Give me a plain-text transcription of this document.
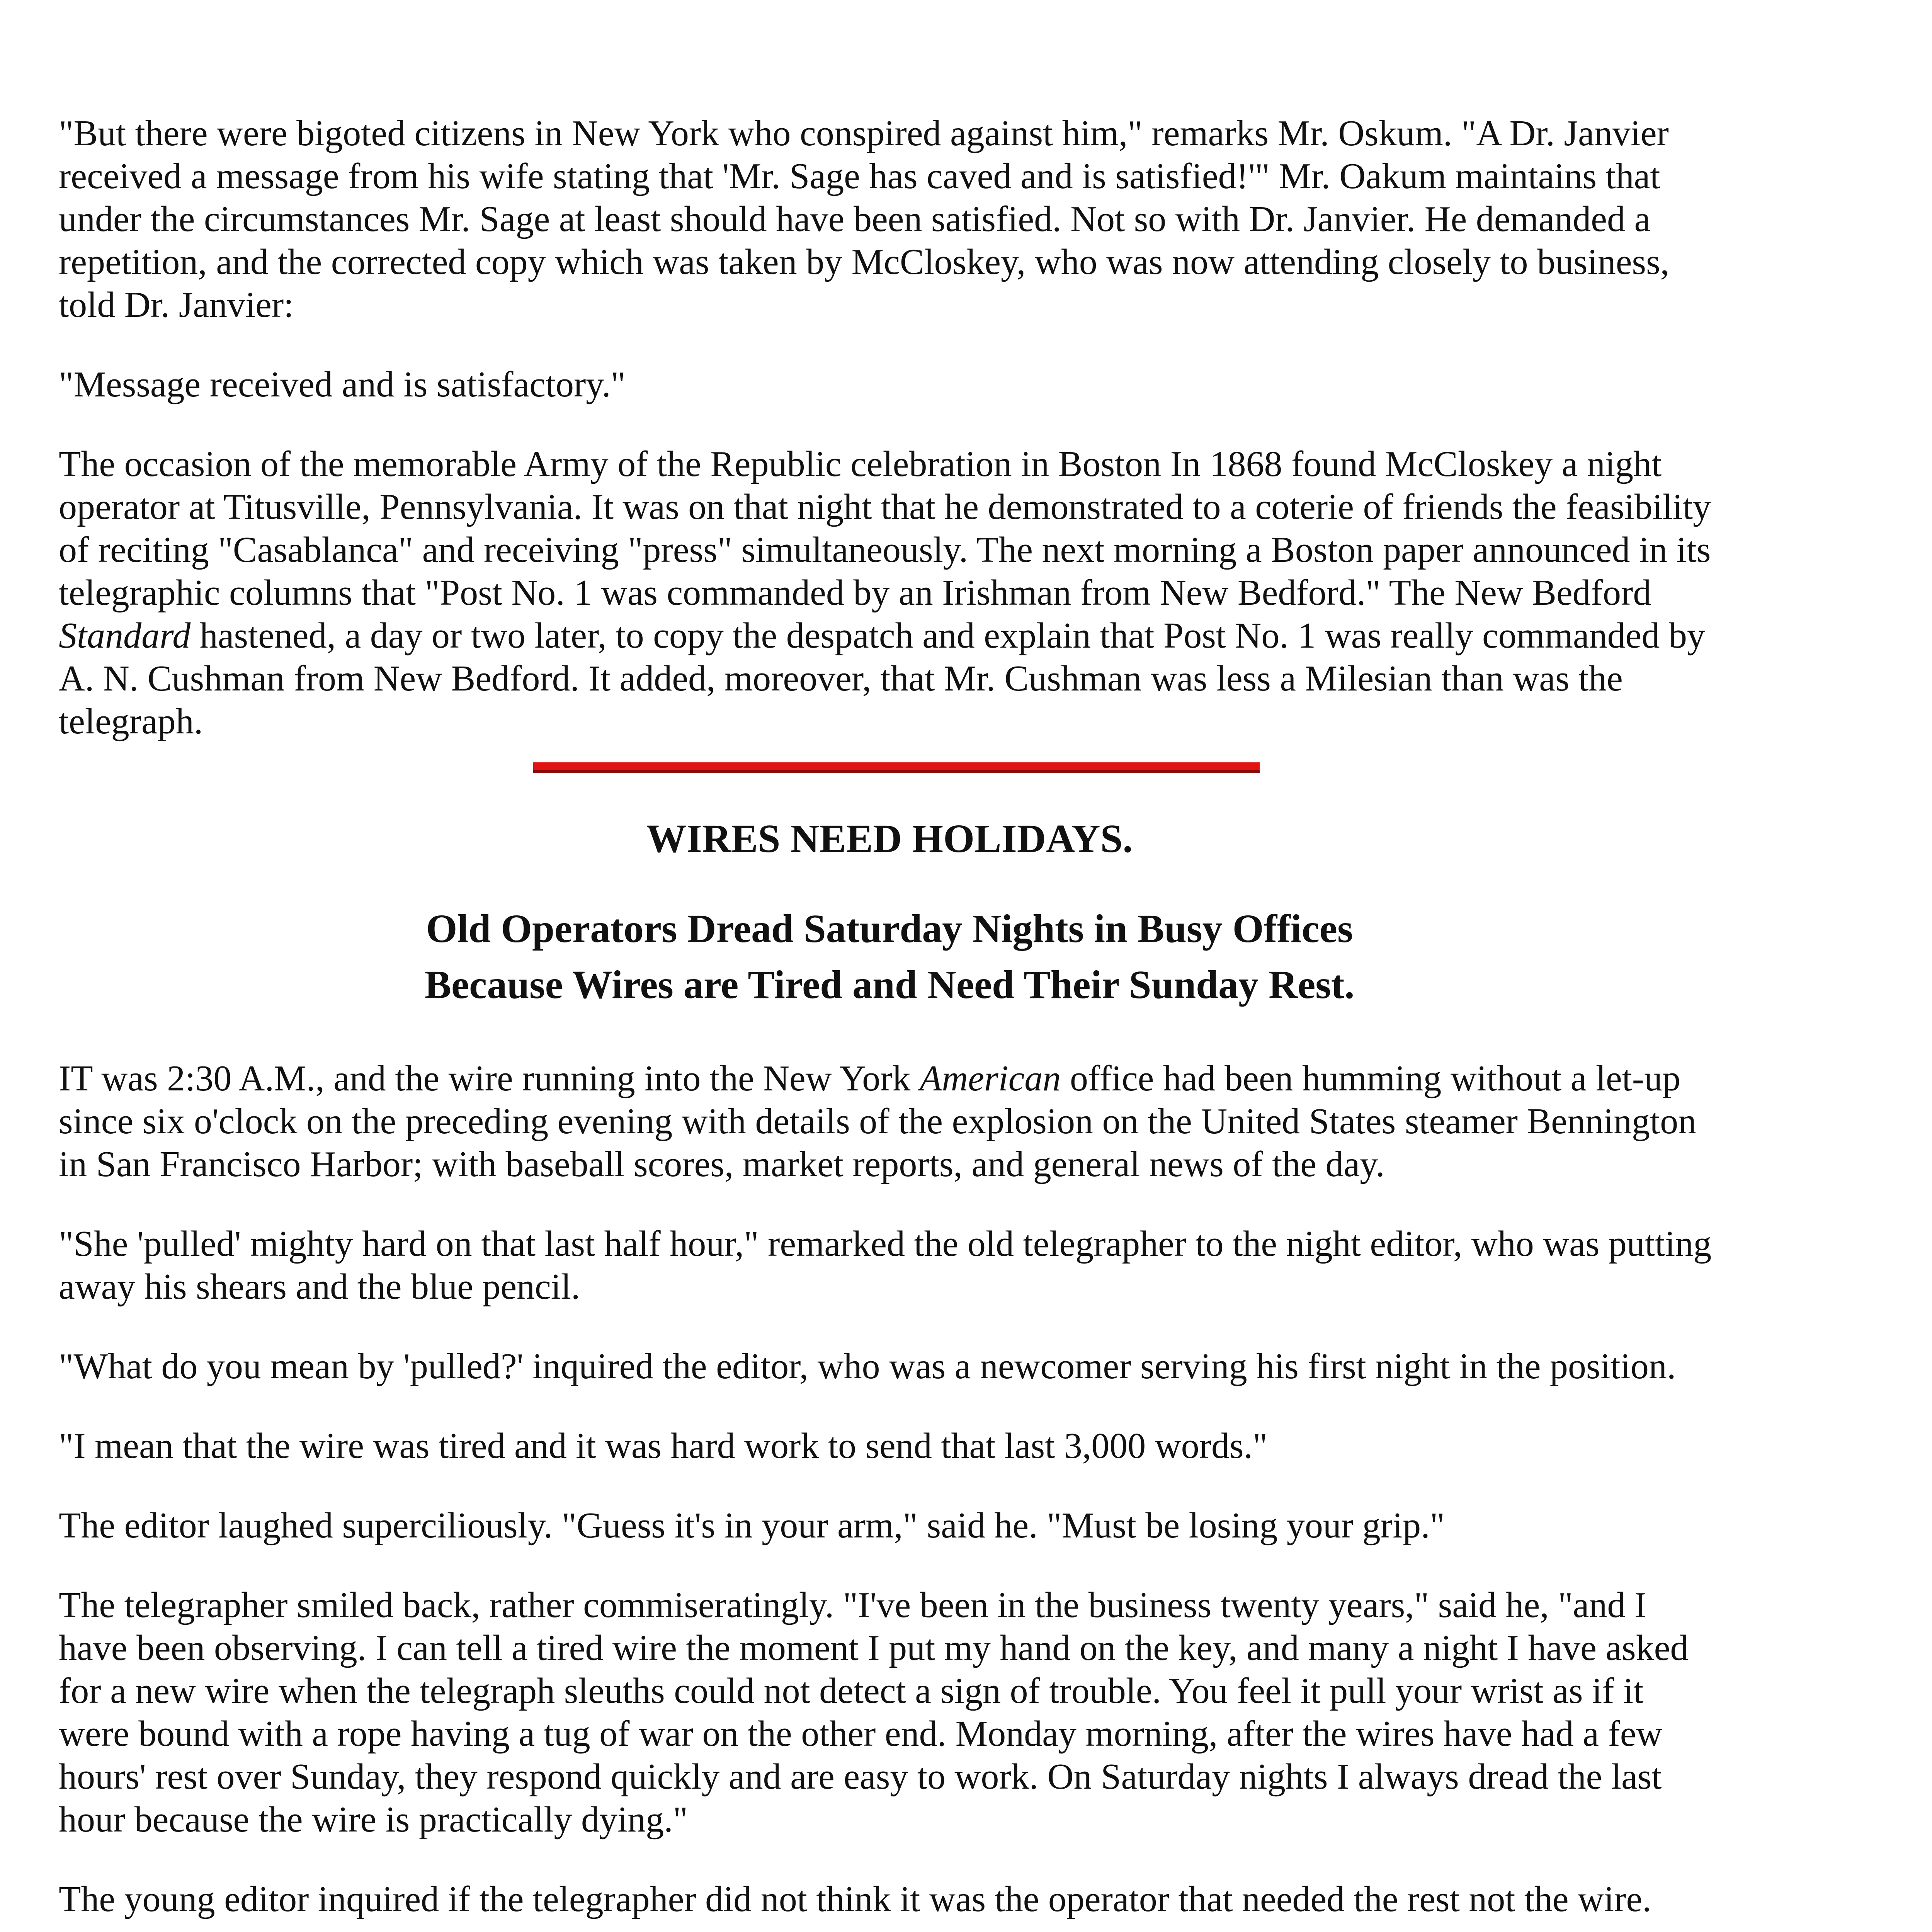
"But there were bigoted citizens in New York who conspired against him," remarks Mr. Oskum. "A Dr. Janvier received a message from his wife stating that 'Mr. Sage has caved and is satisfied!'" Mr. Oakum maintains that under the circumstances Mr. Sage at least should have been satisfied. Not so with Dr. Janvier. He demanded a repetition, and the corrected copy which was taken by McCloskey, who was now attending closely to business, told Dr. Janvier:

"Message received and is satisfactory."

The occasion of the memorable Army of the Republic celebration in Boston In 1868 found McCloskey a night operator at Titusville, Pennsylvania. It was on that night that he demonstrated to a coterie of friends the feasibility of reciting "Casablanca" and receiving "press" simultaneously. The next morning a Boston paper announced in its telegraphic columns that "Post No. 1 was commanded by an Irishman from New Bedford." The New Bedford Standard hastened, a day or two later, to copy the despatch and explain that Post No. 1 was really commanded by A. N. Cushman from New Bedford. It added, moreover, that Mr. Cushman was less a Milesian than was the telegraph.

WIRES NEED HOLIDAYS.
Old Operators Dread Saturday Nights in Busy Offices
Because Wires are Tired and Need Their Sunday Rest.

IT was 2:30 A.M., and the wire running into the New York American office had been humming without a let-up since six o'clock on the preceding evening with details of the explosion on the United States steamer Bennington in San Francisco Harbor; with baseball scores, market reports, and general news of the day.

"She 'pulled' mighty hard on that last half hour," remarked the old telegrapher to the night editor, who was putting away his shears and the blue pencil.

"What do you mean by 'pulled?' inquired the editor, who was a newcomer serving his first night in the position.

"I mean that the wire was tired and it was hard work to send that last 3,000 words."

The editor laughed superciliously. "Guess it's in your arm," said he. "Must be losing your grip."

The telegrapher smiled back, rather commiseratingly. "I've been in the business twenty years," said he, "and I have been observing. I can tell a tired wire the moment I put my hand on the key, and many a night I have asked for a new wire when the telegraph sleuths could not detect a sign of trouble. You feel it pull your wrist as if it were bound with a rope having a tug of war on the other end. Monday morning, after the wires have had a few hours' rest over Sunday, they respond quickly and are easy to work. On Saturday nights I always dread the last hour because the wire is practically dying."

The young editor inquired if the telegrapher did not think it was the operator that needed the rest not the wire.
